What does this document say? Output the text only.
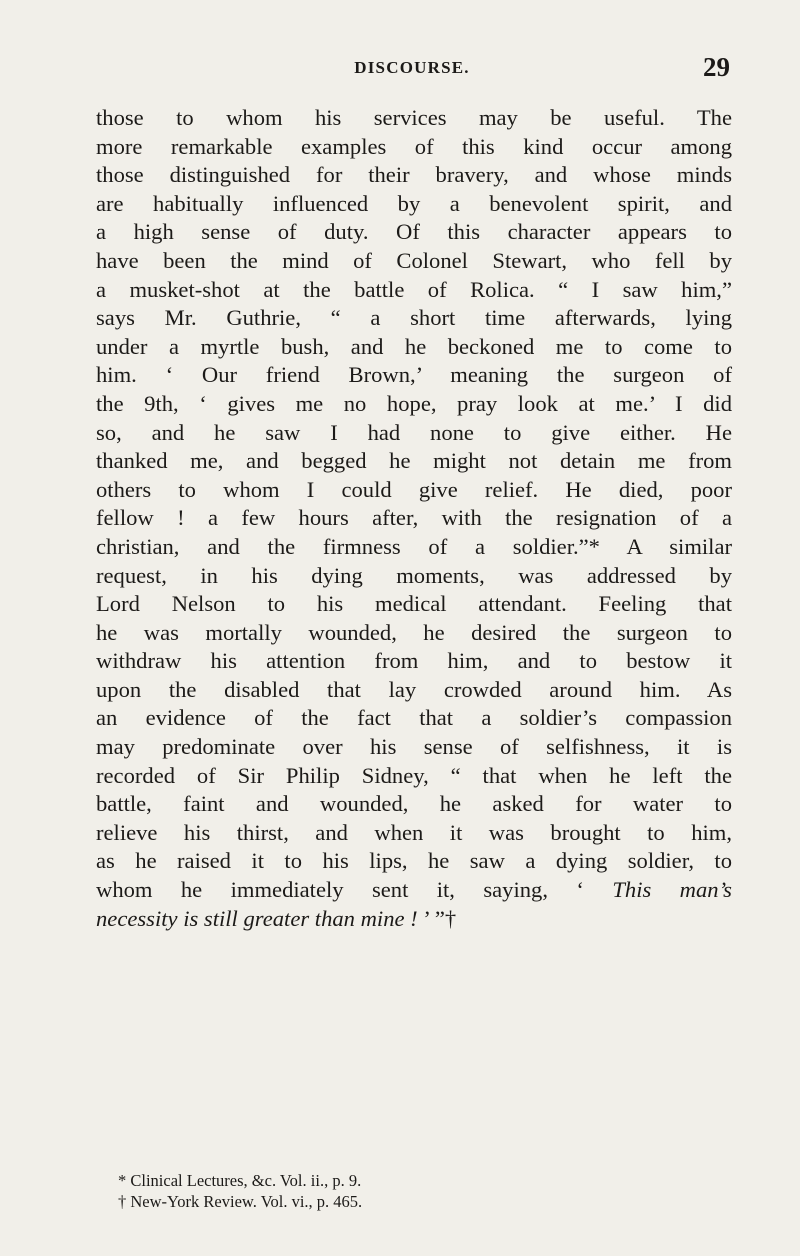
DISCOURSE.	29
those to whom his services may be useful. The
more remarkable examples of this kind occur among
those distinguished for their bravery, and whose minds
are habitually influenced by a benevolent spirit, and
a high sense of duty. Of this character appears to
have been the mind of Colonel Stewart, who fell by
a musket-shot at the battle of Rolica. “ I saw him,”
says Mr. Guthrie, “ a short time afterwards, lying
under a myrtle bush, and he beckoned me to come to
him. ‘ Our friend Brown,’ meaning the surgeon of
the 9th, ‘ gives me no hope, pray look at me.’ I did
so, and he saw I had none to give either. He
thanked me, and begged he might not detain me from
others to whom I could give relief. He died, poor
fellow ! a few hours after, with the resignation of a
christian, and the firmness of a soldier.”* A similar
request, in his dying moments, was addressed by
Lord Nelson to his medical attendant. Feeling that
he was mortally wounded, he desired the surgeon to
withdraw his attention from him, and to bestow it
upon the disabled that lay crowded around him. As
an evidence of the fact that a soldier’s compassion
may predominate over his sense of selfishness, it is
recorded of Sir Philip Sidney, “ that when he left the
battle, faint and wounded, he asked for water to
relieve his thirst, and when it was brought to him,
as he raised it to his lips, he saw a dying soldier, to
whom he immediately sent it, saying, ‘ This man’s
necessity is still greater than mine ! ’ ”†
* Clinical Lectures, &c. Vol. ii., p. 9.
† New-York Review. Vol. vi., p. 465.
